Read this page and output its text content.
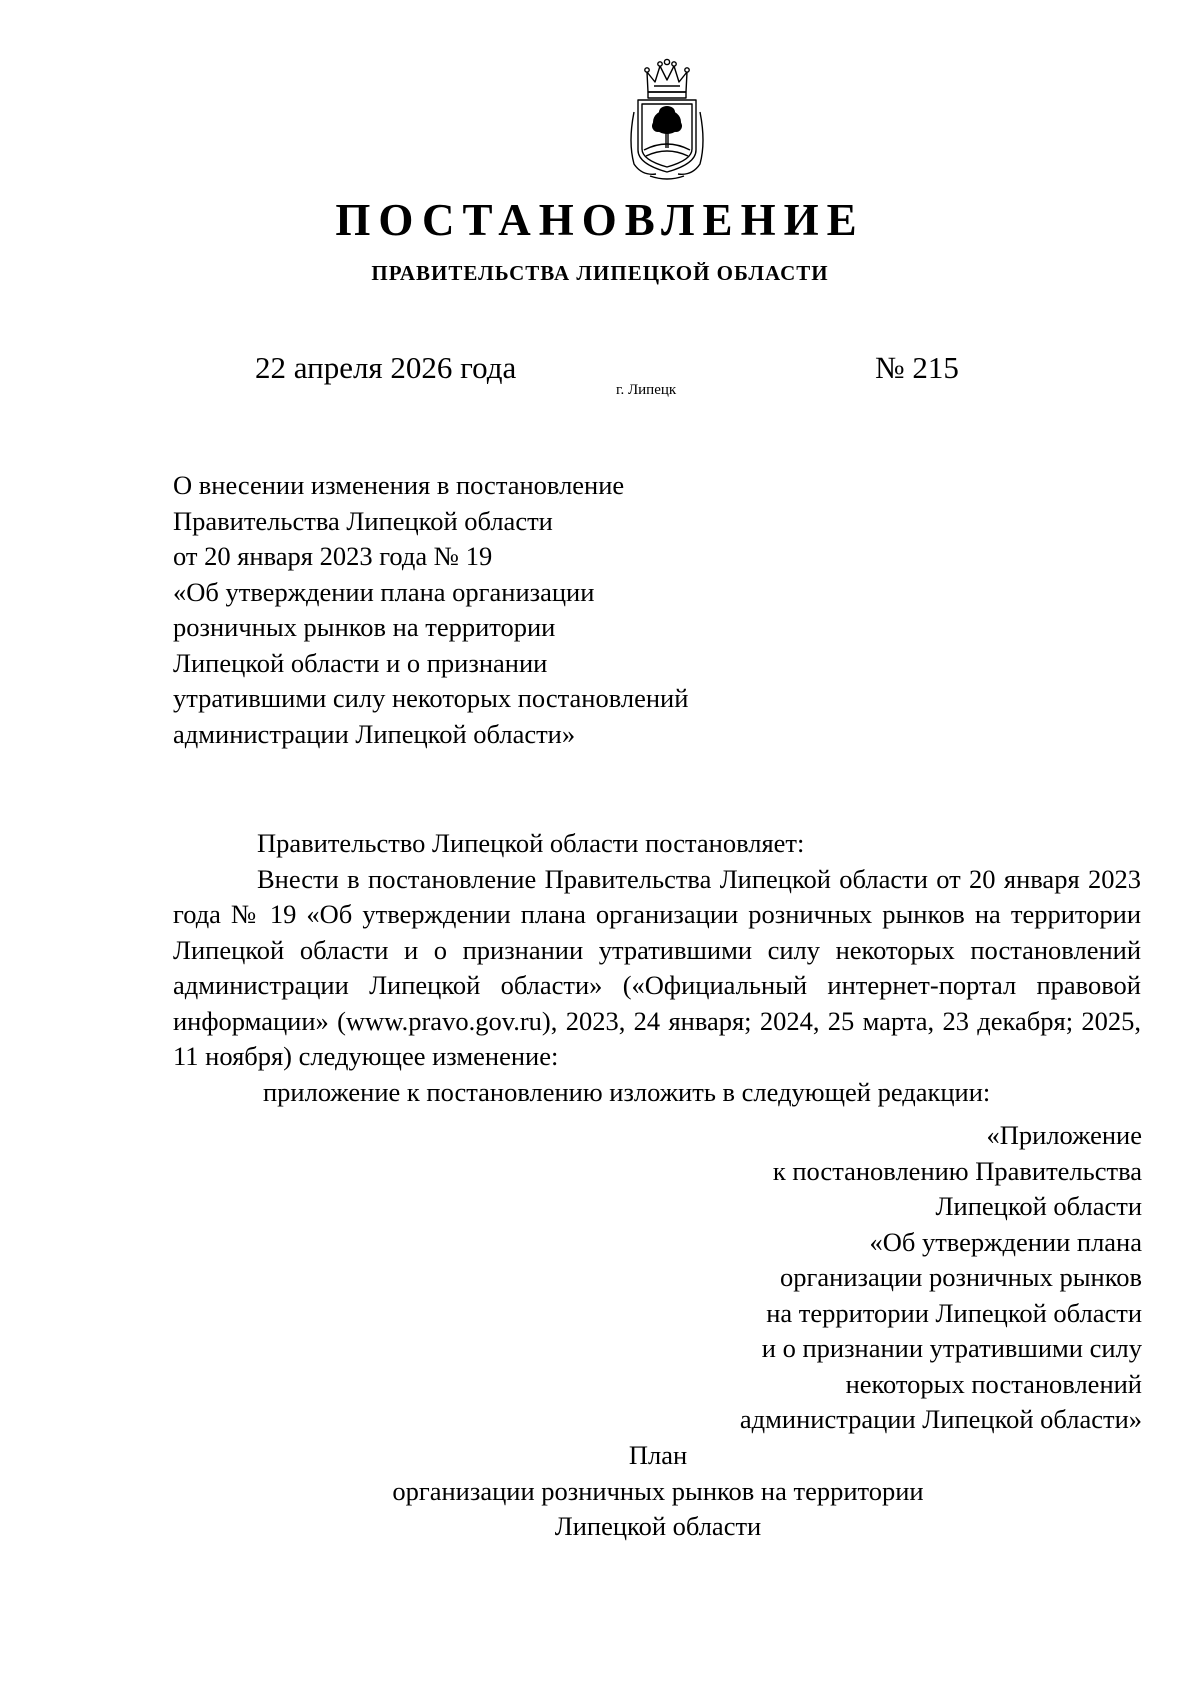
ПОСТАНОВЛЕНИЕ
ПРАВИТЕЛЬСТВА ЛИПЕЦКОЙ ОБЛАСТИ
22 апреля 2026 года
г. Липецк
№ 215
О внесении изменения в постановление
Правительства Липецкой области
от 20 января 2023 года № 19
«Об утверждении плана организации
розничных рынков на территории
Липецкой области и о признании
утратившими силу некоторых постановлений
администрации Липецкой области»

Правительство Липецкой области постановляет:

Внести в постановление Правительства Липецкой области от 20 января 2023 года № 19 «Об утверждении плана организации розничных рынков на территории Липецкой области и о признании утратившими силу некоторых постановлений администрации Липецкой области» («Официальный интернет-портал правовой информации» (www.pravo.gov.ru), 2023, 24 января; 2024, 25 марта, 23 декабря; 2025, 11 ноября) следующее изменение:

приложение к постановлению изложить в следующей редакции:

«Приложение
к постановлению Правительства
Липецкой области
«Об утверждении плана
организации розничных рынков
на территории Липецкой области
и о признании утратившими силу
некоторых постановлений
администрации Липецкой области»
План
организации розничных рынков на территории
Липецкой области
